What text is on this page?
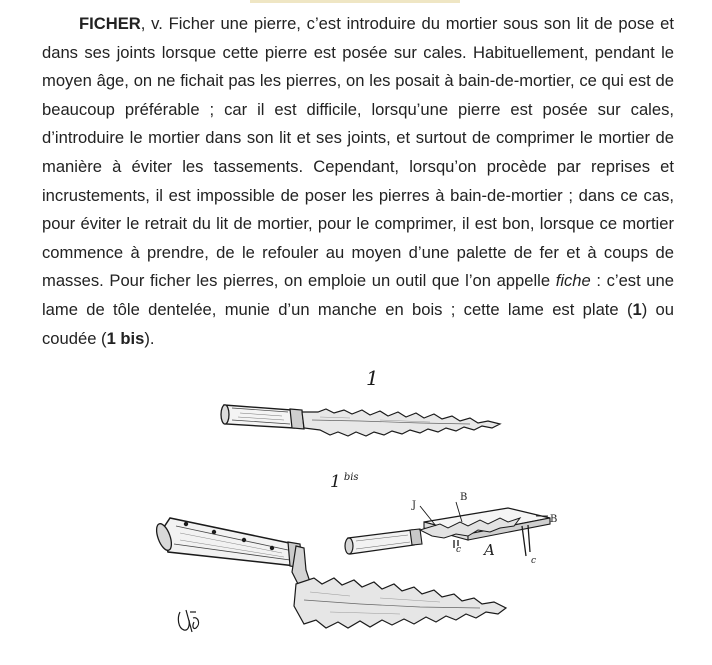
FICHER, v. Ficher une pierre, c’est introduire du mortier sous son lit de pose et dans ses joints lorsque cette pierre est posée sur cales. Habituellement, pendant le moyen âge, on ne fichait pas les pierres, on les posait à bain-de-mortier, ce qui est de beaucoup préférable ; car il est difficile, lorsqu’une pierre est posée sur cales, d’introduire le mortier dans son lit et ses joints, et surtout de comprimer le mortier de manière à éviter les tassements. Cependant, lorsqu’on procède par reprises et incrustements, il est impossible de poser les pierres à bain-de-mortier ; dans ce cas, pour éviter le retrait du lit de mortier, pour le comprimer, il est bon, lorsque ce mortier commence à prendre, de le refouler au moyen d’une palette de fer et à coups de masses. Pour ficher les pierres, on emploie un outil que l’on appelle fiche : c’est une lame de tôle dentelée, munie d’un manche en bois ; cette lame est plate (1) ou coudée (1 bis).

1
1 $^{bis}$
J
B
B
c
c
A
